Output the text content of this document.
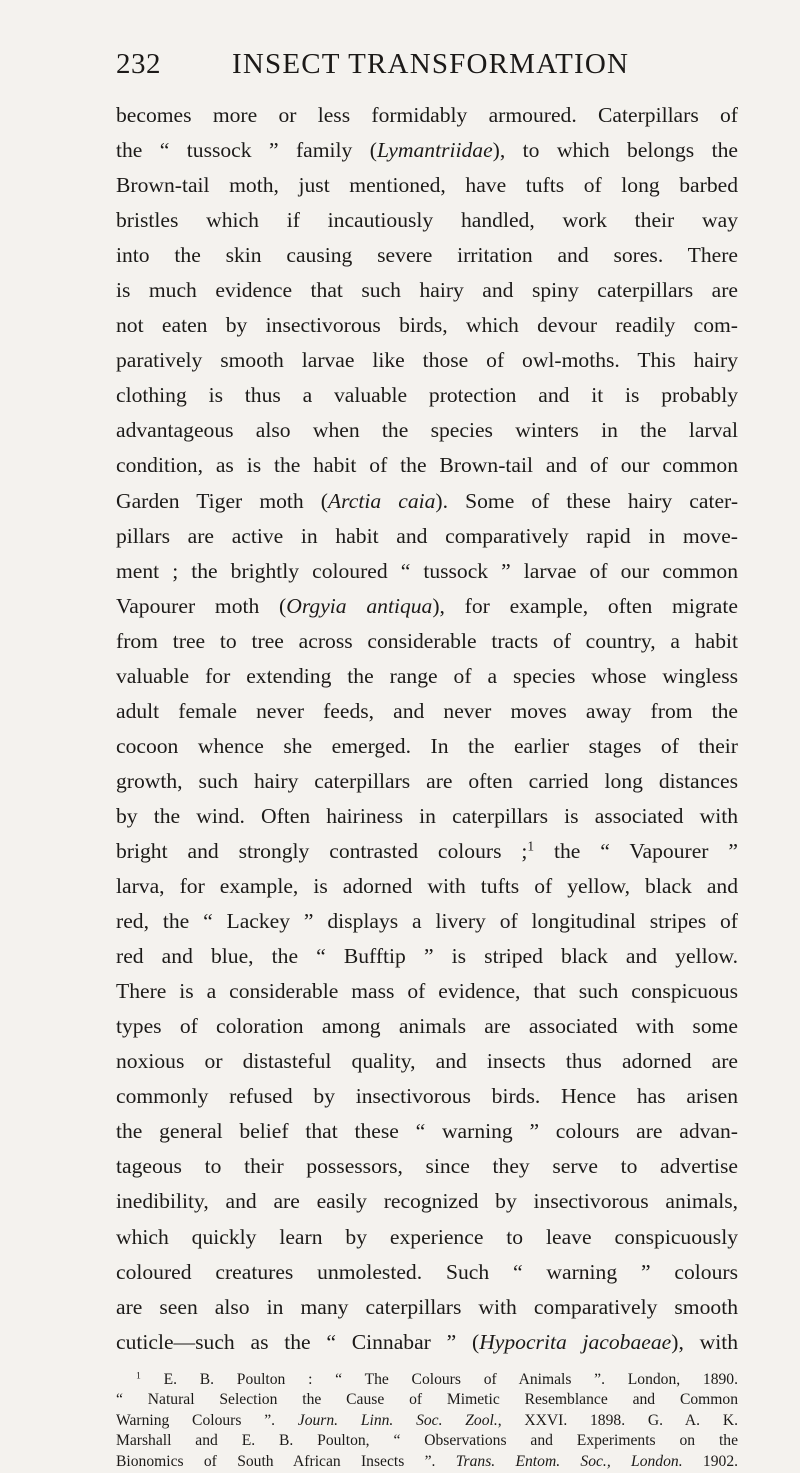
232	INSECT TRANSFORMATION
becomes more or less formidably armoured. Caterpillars of
the “ tussock ” family (Lymantriidae), to which belongs the
Brown-tail moth, just mentioned, have tufts of long barbed
bristles which if incautiously handled, work their way
into the skin causing severe irritation and sores. There
is much evidence that such hairy and spiny caterpillars are
not eaten by insectivorous birds, which devour readily com-
paratively smooth larvae like those of owl-moths. This hairy
clothing is thus a valuable protection and it is probably
advantageous also when the species winters in the larval
condition, as is the habit of the Brown-tail and of our common
Garden Tiger moth (Arctia caia). Some of these hairy cater-
pillars are active in habit and comparatively rapid in move-
ment ; the brightly coloured “ tussock ” larvae of our common
Vapourer moth (Orgyia antiqua), for example, often migrate
from tree to tree across considerable tracts of country, a habit
valuable for extending the range of a species whose wingless
adult female never feeds, and never moves away from the
cocoon whence she emerged. In the earlier stages of their
growth, such hairy caterpillars are often carried long distances
by the wind. Often hairiness in caterpillars is associated with
bright and strongly contrasted colours ;$^1$ the “ Vapourer ”
larva, for example, is adorned with tufts of yellow, black and
red, the “ Lackey ” displays a livery of longitudinal stripes of
red and blue, the “ Bufftip ” is striped black and yellow.
There is a considerable mass of evidence, that such conspicuous
types of coloration among animals are associated with some
noxious or distasteful quality, and insects thus adorned are
commonly refused by insectivorous birds. Hence has arisen
the general belief that these “ warning ” colours are advan-
tageous to their possessors, since they serve to advertise
inedibility, and are easily recognized by insectivorous animals,
which quickly learn by experience to leave conspicuously
coloured creatures unmolested. Such “ warning ” colours
are seen also in many caterpillars with comparatively smooth
cuticle—such as the “ Cinnabar ” (Hypocrita jacobaeae), with
$^1$ E. B. Poulton : “ The Colours of Animals ”. London, 1890.
“ Natural Selection the Cause of Mimetic Resemblance and Common
Warning Colours ”. Journ. Linn. Soc. Zool., XXVI. 1898. G. A. K.
Marshall and E. B. Poulton, “ Observations and Experiments on the
Bionomics of South African Insects ”. Trans. Entom. Soc., London. 1902.
